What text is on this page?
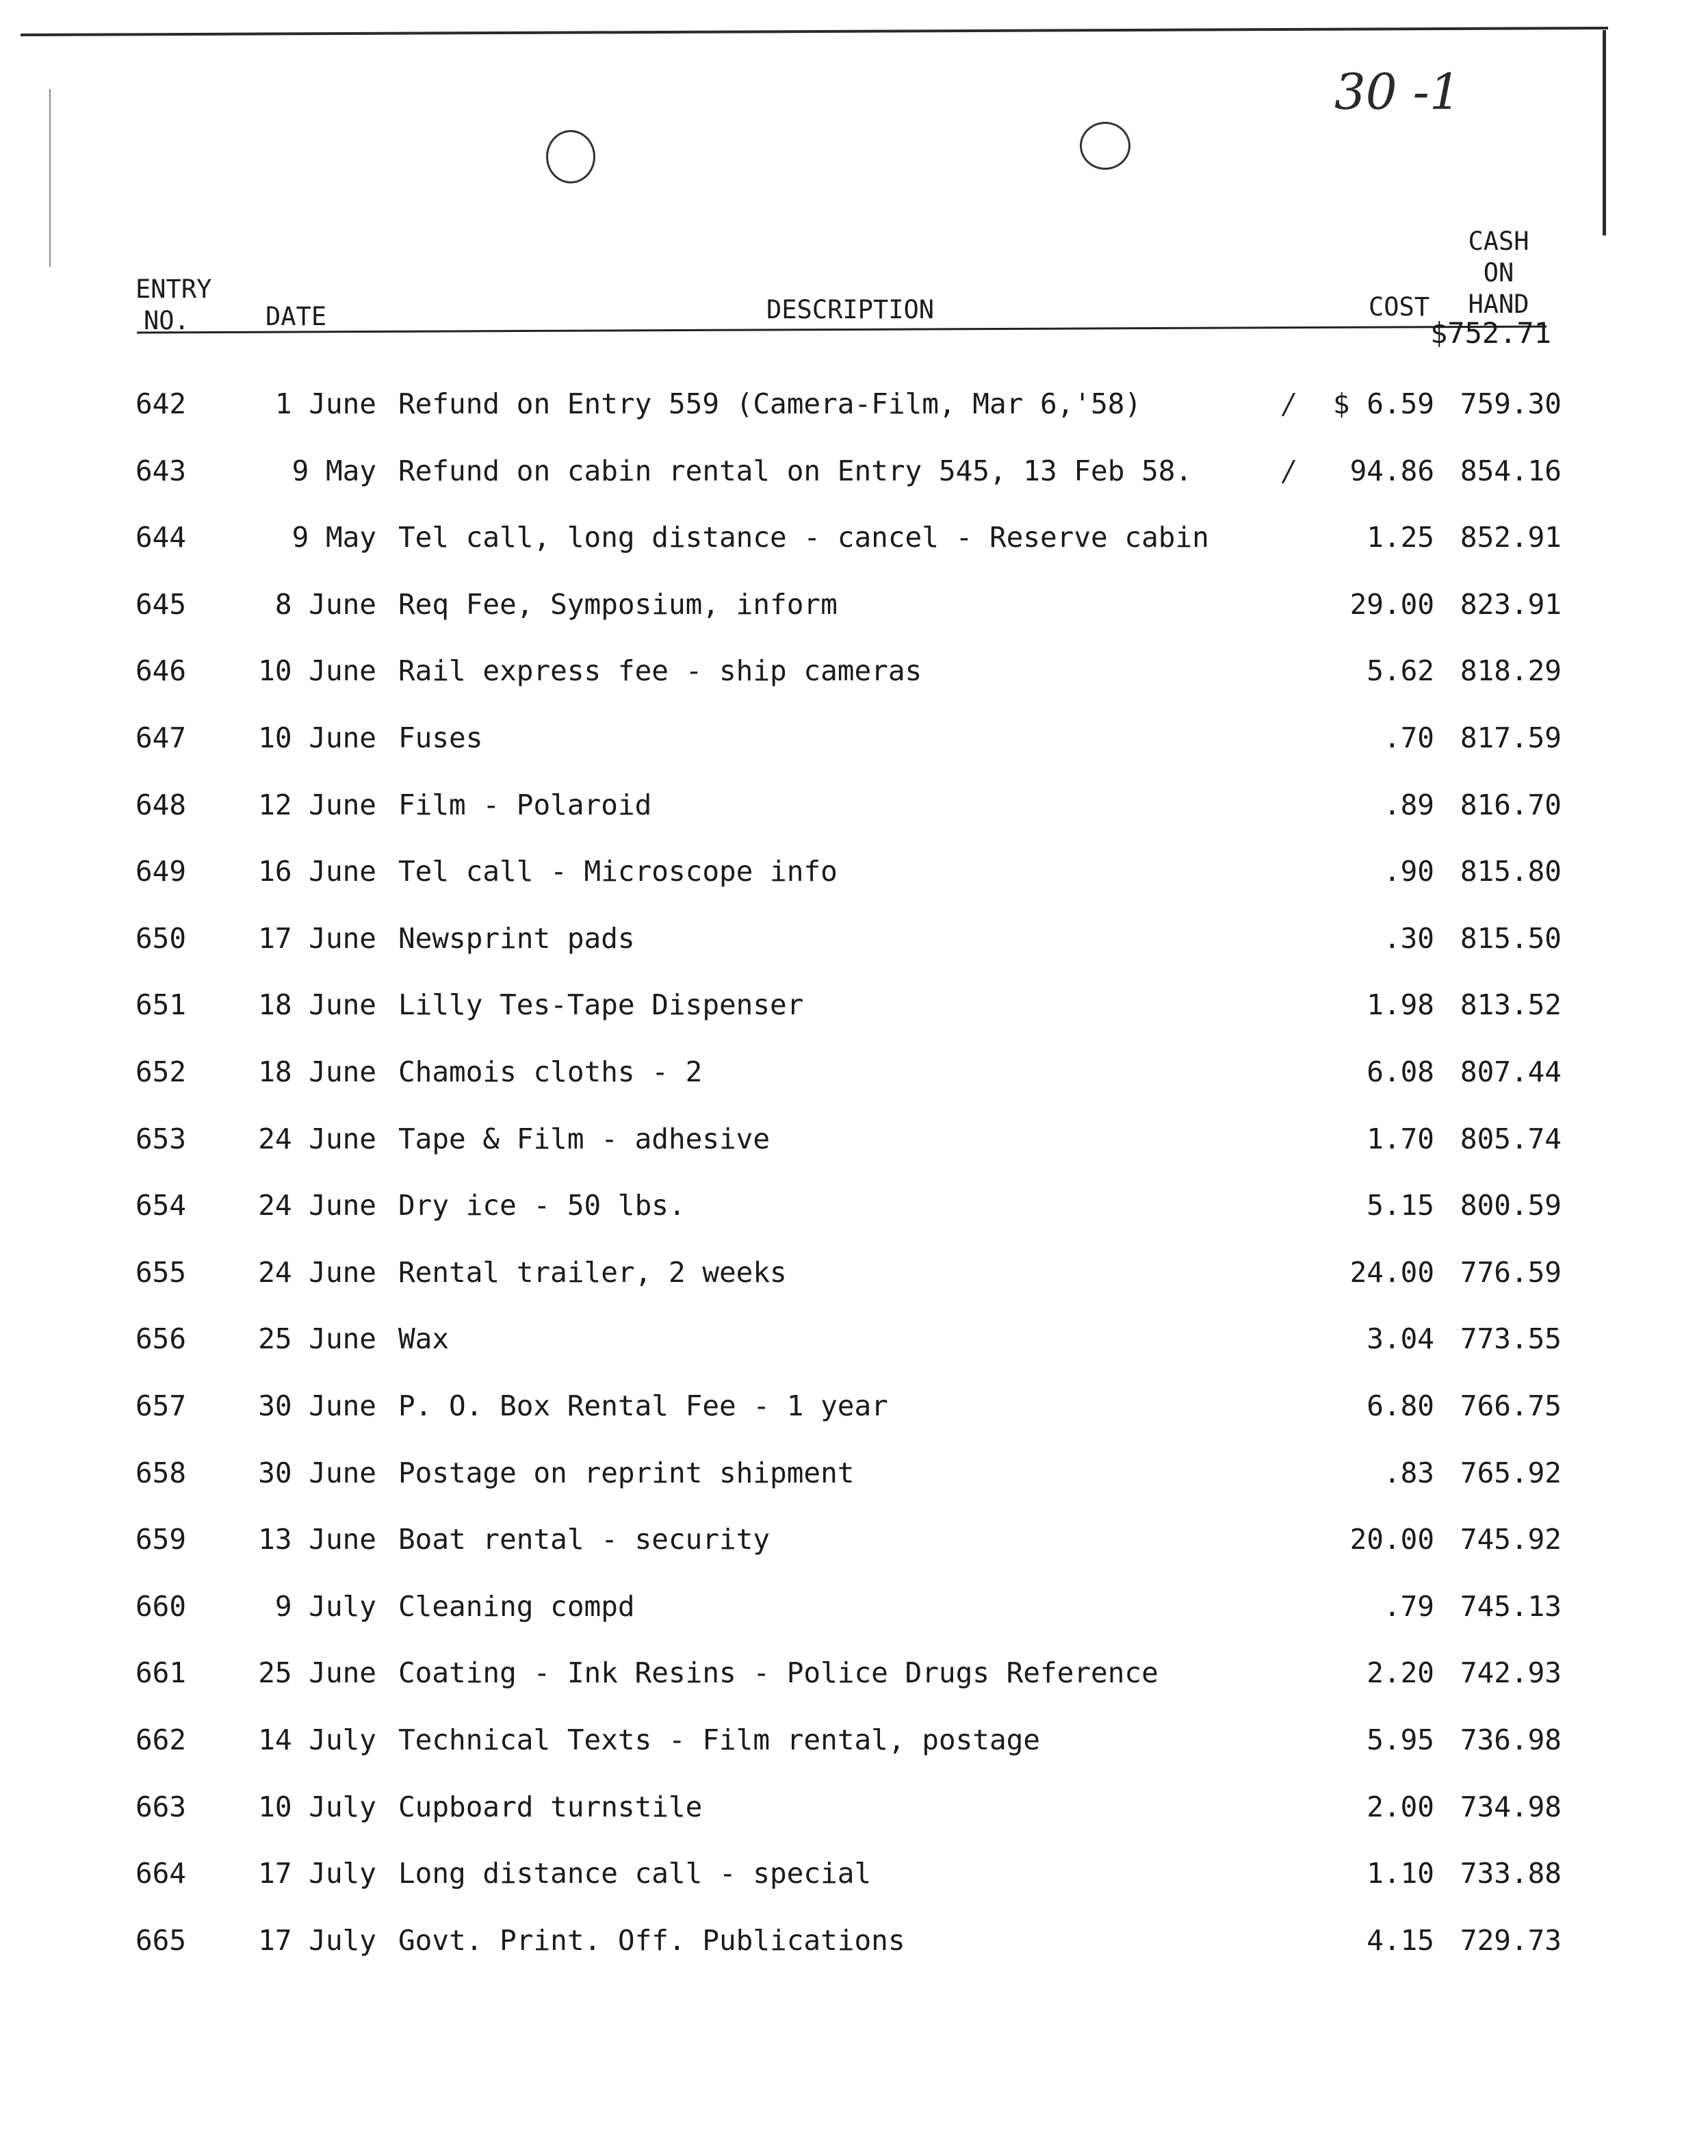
30 -1
ENTRY
NO.	DATE	DESCRIPTION	COST
CASH
ON
HAND
$752.71
642	1 June Refund on Entry 559 (Camera-Film, Mar 6,'58)	/	$ 6.59 759.30
643	9 May Refund on cabin rental on Entry 545, 13 Feb 58.	/	94.86 854.16
644	9 May Tel call, long distance - cancel - Reserve cabin	1.25 852.91
645	8 June Req Fee, Symposium, inform	29.00 823.91
646	10 June Rail express fee - ship cameras	5.62 818.29
647	10 June Fuses	.70 817.59
648	12 June Film - Polaroid	.89 816.70
649	16 June Tel call - Microscope info	.90 815.80
650	17 June Newsprint pads	.30 815.50
651	18 June Lilly Tes-Tape Dispenser	1.98 813.52
652	18 June Chamois cloths - 2	6.08 807.44
653	24 June Tape & Film - adhesive	1.70 805.74
654	24 June Dry ice - 50 lbs.	5.15 800.59
655	24 June Rental trailer, 2 weeks	24.00 776.59
656	25 June Wax	3.04 773.55
657	30 June P. O. Box Rental Fee - 1 year	6.80 766.75
658	30 June Postage on reprint shipment	.83 765.92
659	13 June Boat rental - security	20.00 745.92
660	9 July Cleaning compd	.79 745.13
661	25 June Coating - Ink Resins - Police Drugs Reference	2.20 742.93
662	14 July Technical Texts - Film rental, postage	5.95 736.98
663	10 July Cupboard turnstile	2.00 734.98
664	17 July Long distance call - special	1.10 733.88
665	17 July Govt. Print. Off. Publications	4.15 729.73
